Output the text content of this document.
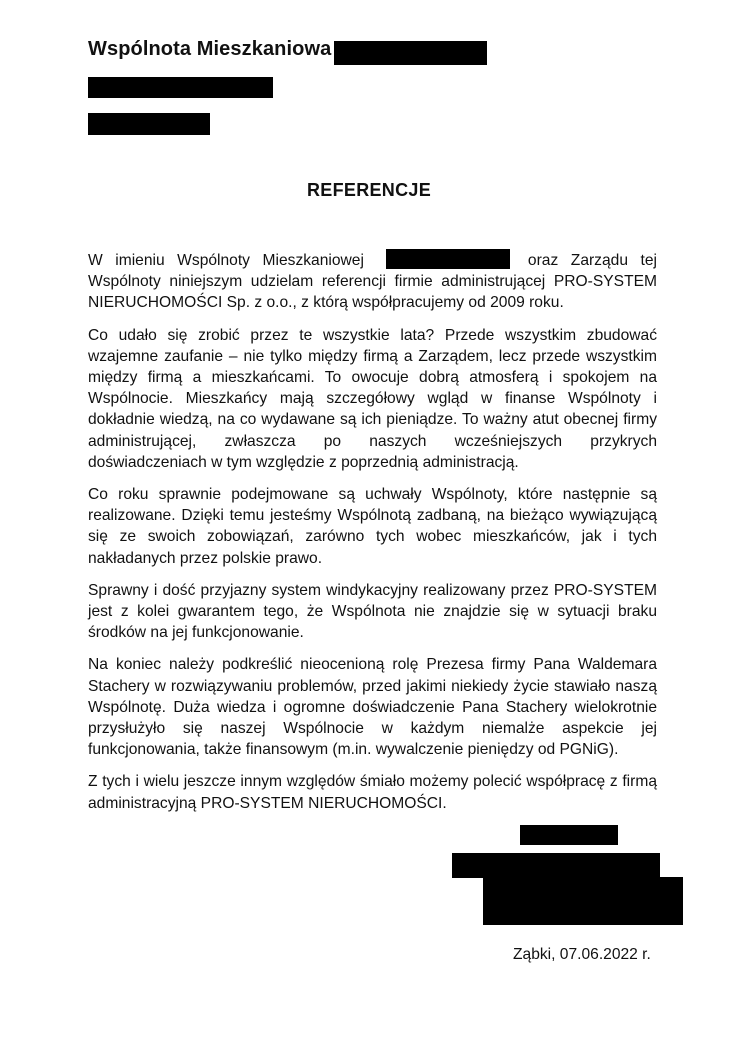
Wspólnota Mieszkaniowa
REFERENCJE

W imieniu Wspólnoty Mieszkaniowej	oraz Zarządu tej Wspólnoty niniejszym udzielam referencji firmie administrującej PRO-SYSTEM NIERUCHOMOŚCI Sp. z o.o., z którą współpracujemy od 2009 roku.

Co udało się zrobić przez te wszystkie lata? Przede wszystkim zbudować wzajemne zaufanie – nie tylko między firmą a Zarządem, lecz przede wszystkim między firmą a mieszkańcami. To owocuje dobrą atmosferą i spokojem na Wspólnocie. Mieszkańcy mają szczegółowy wgląd w finanse Wspólnoty i dokładnie wiedzą, na co wydawane są ich pieniądze. To ważny atut obecnej firmy administrującej, zwłaszcza po naszych wcześniejszych przykrych doświadczeniach w tym względzie z poprzednią administracją.

Co roku sprawnie podejmowane są uchwały Wspólnoty, które następnie są realizowane. Dzięki temu jesteśmy Wspólnotą zadbaną, na bieżąco wywiązującą się ze swoich zobowiązań, zarówno tych wobec mieszkańców, jak i tych nakładanych przez polskie prawo.

Sprawny i dość przyjazny system windykacyjny realizowany przez PRO-SYSTEM jest z kolei gwarantem tego, że Wspólnota nie znajdzie się w sytuacji braku środków na jej funkcjonowanie.

Na koniec należy podkreślić nieocenioną rolę Prezesa firmy Pana Waldemara Stachery w rozwiązywaniu problemów, przed jakimi niekiedy życie stawiało naszą Wspólnotę. Duża wiedza i ogromne doświadczenie Pana Stachery wielokrotnie przysłużyło się naszej Wspólnocie w każdym niemalże aspekcie jej funkcjonowania, także finansowym (m.in. wywalczenie pieniędzy od PGNiG).

Z tych i wielu jeszcze innym względów śmiało możemy polecić współpracę z firmą administracyjną PRO-SYSTEM NIERUCHOMOŚCI.

Ząbki, 07.06.2022 r.
